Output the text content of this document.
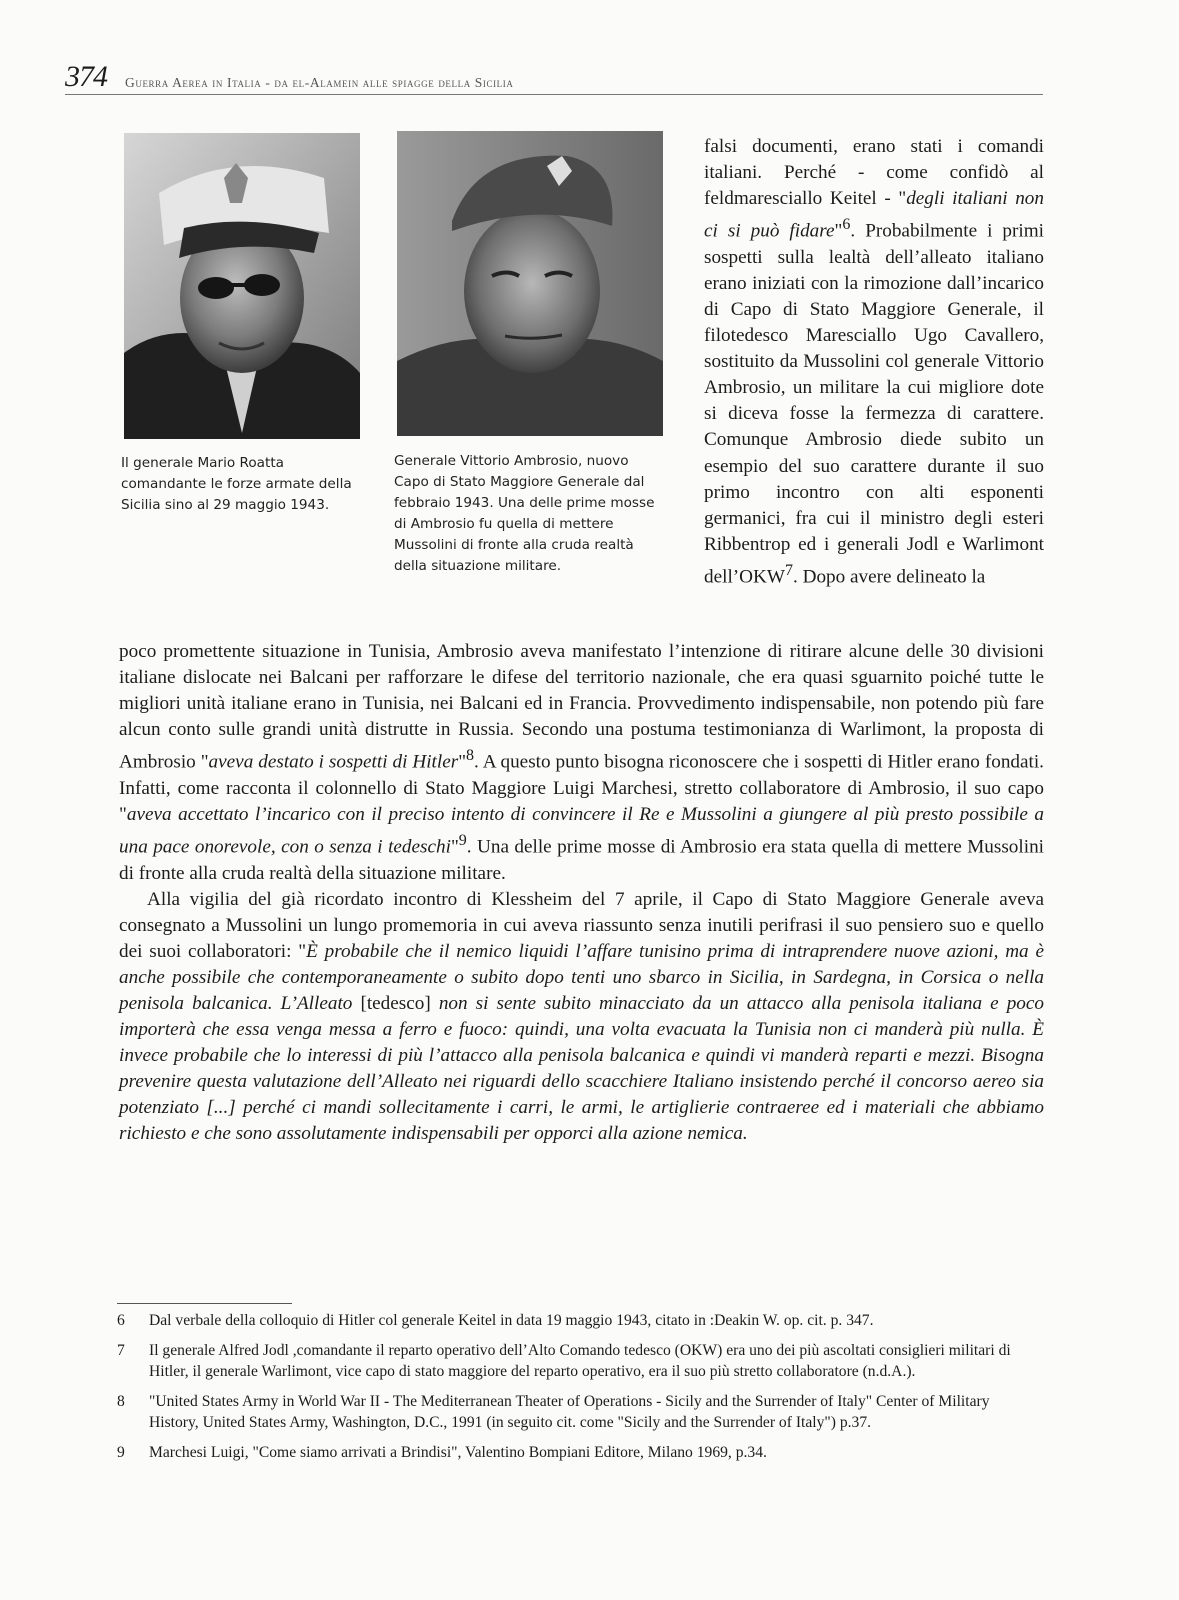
374 Guerra Aerea in Italia - da el-Alamein alle spiagge della Sicilia
Il generale Mario Roatta comandante le forze armate della Sicilia sino al 29 maggio 1943.
Generale Vittorio Ambrosio, nuovo Capo di Stato Maggiore Generale dal febbraio 1943. Una delle prime mosse di Ambrosio fu quella di mettere Mussolini di fronte alla cruda realtà della situazione militare.

falsi documenti, erano stati i comandi italiani. Perché - come confidò al feldmaresciallo Keitel - "degli italiani non ci si può fidare"$^6$. Probabilmente i primi sospetti sulla lealtà dell’alleato italiano erano iniziati con la rimozione dall’incarico di Capo di Stato Maggiore Generale, il filotedesco Maresciallo Ugo Cavallero, sostituito da Mussolini col generale Vittorio Ambrosio, un militare la cui migliore dote si diceva fosse la fermezza di carattere. Comunque Ambrosio diede subito un esempio del suo carattere durante il suo primo incontro con alti esponenti germanici, fra cui il ministro degli esteri Ribbentrop ed i generali Jodl e Warlimont dell’OKW$^7$. Dopo avere delineato la

poco promettente situazione in Tunisia, Ambrosio aveva manifestato l’intenzione di ritirare alcune delle 30 divisioni italiane dislocate nei Balcani per rafforzare le difese del territorio nazionale, che era quasi sguarnito poiché tutte le migliori unità italiane erano in Tunisia, nei Balcani ed in Francia. Provvedimento indispensabile, non potendo più fare alcun conto sulle grandi unità distrutte in Russia. Secondo una postuma testimonianza di Warlimont, la proposta di Ambrosio "aveva destato i sospetti di Hitler"$^8$. A questo punto bisogna riconoscere che i sospetti di Hitler erano fondati. Infatti, come racconta il colonnello di Stato Maggiore Luigi Marchesi, stretto collaboratore di Ambrosio, il suo capo "aveva accettato l’incarico con il preciso intento di convincere il Re e Mussolini a giungere al più presto possibile a una pace onorevole, con o senza i tedeschi"$^9$. Una delle prime mosse di Ambrosio era stata quella di mettere Mussolini di fronte alla cruda realtà della situazione militare.

Alla vigilia del già ricordato incontro di Klessheim del 7 aprile, il Capo di Stato Maggiore Generale aveva consegnato a Mussolini un lungo promemoria in cui aveva riassunto senza inutili perifrasi il suo pensiero suo e quello dei suoi collaboratori: "È probabile che il nemico liquidi l’affare tunisino prima di intraprendere nuove azioni, ma è anche possibile che contemporaneamente o subito dopo tenti uno sbarco in Sicilia, in Sardegna, in Corsica o nella penisola balcanica. L’Alleato [tedesco] non si sente subito minacciato da un attacco alla penisola italiana e poco importerà che essa venga messa a ferro e fuoco: quindi, una volta evacuata la Tunisia non ci manderà più nulla. È invece probabile che lo interessi di più l’attacco alla penisola balcanica e quindi vi manderà reparti e mezzi. Bisogna prevenire questa valutazione dell’Alleato nei riguardi dello scacchiere Italiano insistendo perché il concorso aereo sia potenziato [...] perché ci mandi sollecitamente i carri, le armi, le artiglierie contraeree ed i materiali che abbiamo richiesto e che sono assolutamente indispensabili per opporci alla azione nemica.

6	Dal verbale della colloquio di Hitler col generale Keitel in data 19 maggio 1943, citato in :Deakin W. op. cit. p. 347.
7	Il generale Alfred Jodl ,comandante il reparto operativo dell’Alto Comando tedesco (OKW) era uno dei più ascoltati consiglieri militari di Hitler, il generale Warlimont, vice capo di stato maggiore del reparto operativo, era il suo più stretto collaboratore (n.d.A.).
8	"United States Army in World War II - The Mediterranean Theater of Operations - Sicily and the Surrender of Italy" Center of Military History, United States Army, Washington, D.C., 1991 (in seguito cit. come "Sicily and the Surrender of Italy") p.37.
9	Marchesi Luigi, "Come siamo arrivati a Brindisi", Valentino Bompiani Editore, Milano 1969, p.34.
